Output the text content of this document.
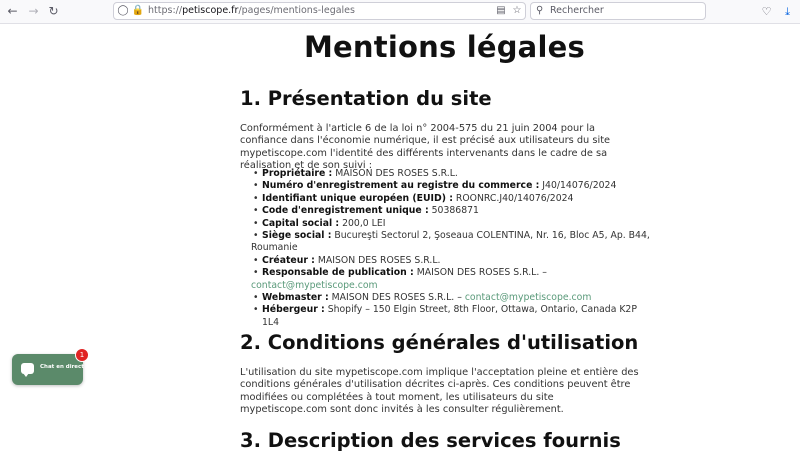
← → ↻	◯ 🔒 https://petiscope.fr/pages/mentions-legales	▤ ☆ ⚲ Rechercher	♡	⤓
Mentions légales
1. Présentation du site
Conformément à l'article 6 de la loi n° 2004-575 du 21 juin 2004 pour la confiance dans l'économie numérique, il est précisé aux utilisateurs du site mypetiscope.com l'identité des différents intervenants dans le cadre de sa réalisation et de son suivi :
• Propriétaire : MAISON DES ROSES S.R.L.
• Numéro d'enregistrement au registre du commerce : J40/14076/2024
• Identifiant unique européen (EUID) : ROONRC.J40/14076/2024
• Code d'enregistrement unique : 50386871
• Capital social : 200,0 LEI
• Siège social : Bucureşti Sectorul 2, Şoseaua COLENTINA, Nr. 16, Bloc A5, Ap. B44,
Roumanie
• Créateur : MAISON DES ROSES S.R.L.
• Responsable de publication : MAISON DES ROSES S.R.L. –
contact@mypetiscope.com
• Webmaster : MAISON DES ROSES S.R.L. – contact@mypetiscope.com
• Hébergeur : Shopify – 150 Elgin Street, 8th Floor, Ottawa, Ontario, Canada K2P 1L4
2. Conditions générales d'utilisation
L'utilisation du site mypetiscope.com implique l'acceptation pleine et entière des conditions générales d'utilisation décrites ci-après. Ces conditions peuvent être modifiées ou complétées à tout moment, les utilisateurs du site mypetiscope.com sont donc invités à les consulter régulièrement.
3. Description des services fournis
Chat en direct
1
